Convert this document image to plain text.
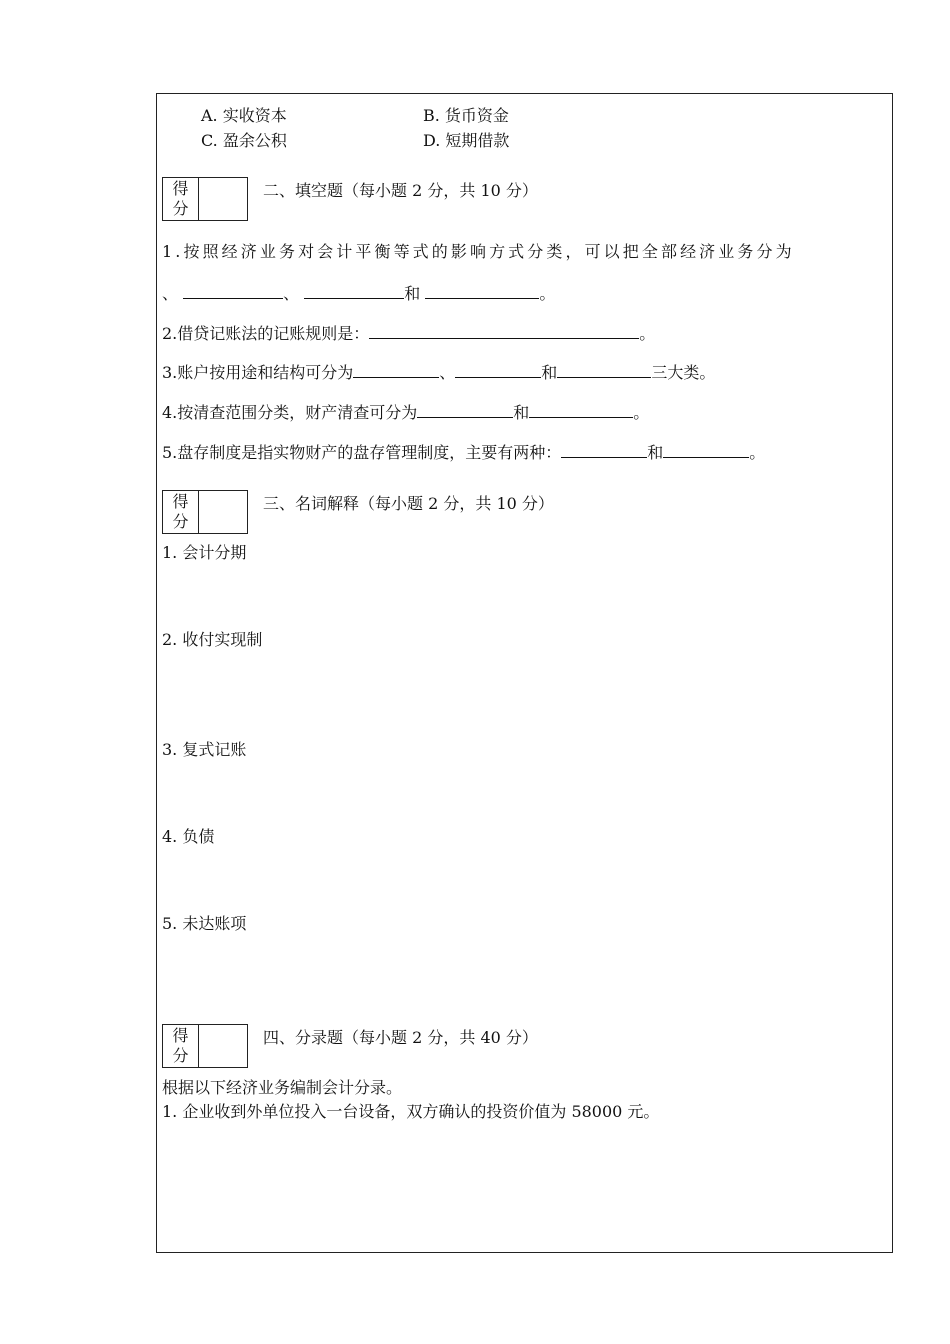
A. 实收资本	B. 货币资金
C. 盈余公积	D. 短期借款
得
分
二、填空题（每小题 2 分，共 10 分）
1.按照经济业务对会计平衡等式的影响方式分类，可以把全部经济业务分为
、	、	和	。
2.借贷记账法的记账规则是：	。
3.账户按用途和结构可分为	、	和	三大类。
4.按清查范围分类，财产清查可分为	和	。
5.盘存制度是指实物财产的盘存管理制度，主要有两种：	和	。
得
分
三、名词解释（每小题 2 分，共 10 分）
1. 会计分期
2. 收付实现制
3. 复式记账
4. 负债
5. 未达账项
得
分
四、分录题（每小题 2 分，共 40 分）
根据以下经济业务编制会计分录。
1. 企业收到外单位投入一台设备，双方确认的投资价值为 58000 元。
